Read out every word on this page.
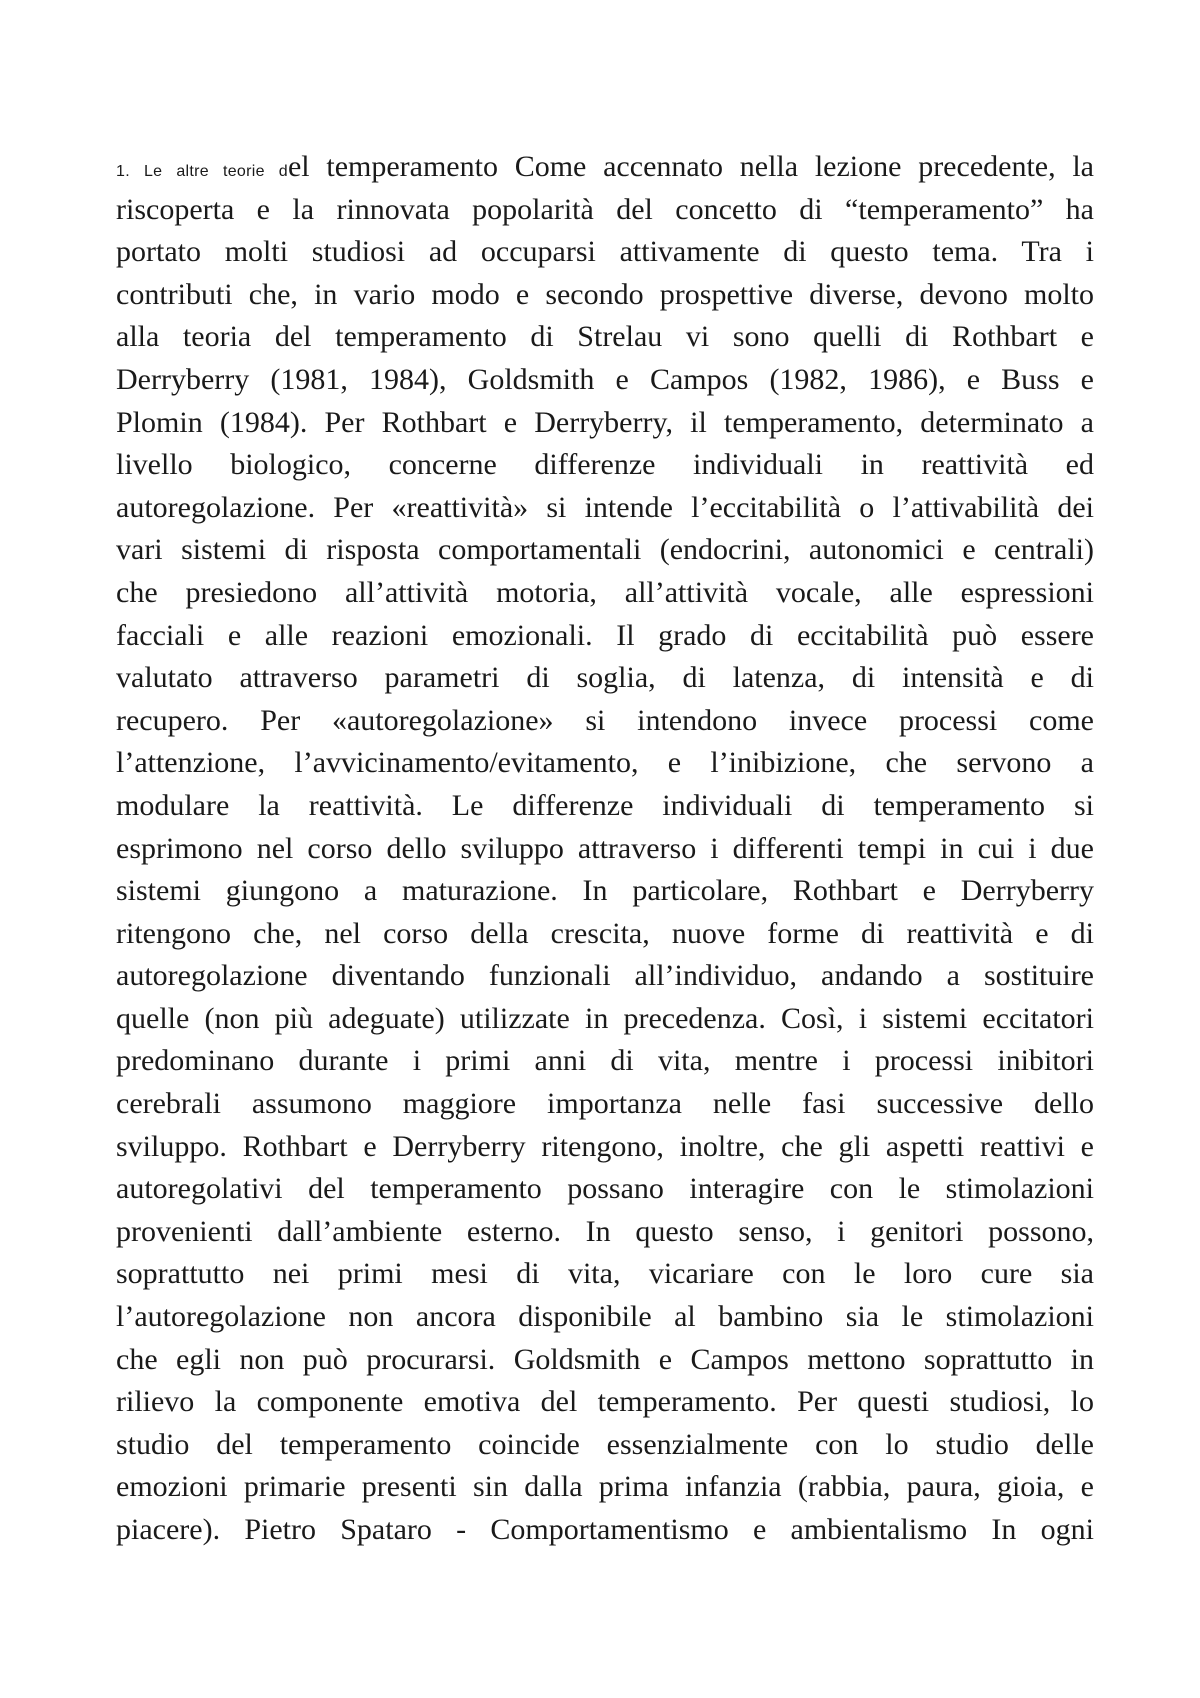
1. Le altre teorie del temperamento Come accennato nella lezione precedente, la
riscoperta e la rinnovata popolarità del concetto di “temperamento” ha
portato molti studiosi ad occuparsi attivamente di questo tema. Tra i
contributi che, in vario modo e secondo prospettive diverse, devono molto
alla teoria del temperamento di Strelau vi sono quelli di Rothbart e
Derryberry (1981, 1984), Goldsmith e Campos (1982, 1986), e Buss e
Plomin (1984). Per Rothbart e Derryberry, il temperamento, determinato a
livello biologico, concerne differenze individuali in reattività ed
autoregolazione. Per «reattività» si intende l’eccitabilità o l’attivabilità dei
vari sistemi di risposta comportamentali (endocrini, autonomici e centrali)
che presiedono all’attività motoria, all’attività vocale, alle espressioni
facciali e alle reazioni emozionali. Il grado di eccitabilità può essere
valutato attraverso parametri di soglia, di latenza, di intensità e di
recupero. Per «autoregolazione» si intendono invece processi come
l’attenzione, l’avvicinamento/evitamento, e l’inibizione, che servono a
modulare la reattività. Le differenze individuali di temperamento si
esprimono nel corso dello sviluppo attraverso i differenti tempi in cui i due
sistemi giungono a maturazione. In particolare, Rothbart e Derryberry
ritengono che, nel corso della crescita, nuove forme di reattività e di
autoregolazione diventando funzionali all’individuo, andando a sostituire
quelle (non più adeguate) utilizzate in precedenza. Così, i sistemi eccitatori
predominano durante i primi anni di vita, mentre i processi inibitori
cerebrali assumono maggiore importanza nelle fasi successive dello
sviluppo. Rothbart e Derryberry ritengono, inoltre, che gli aspetti reattivi e
autoregolativi del temperamento possano interagire con le stimolazioni
provenienti dall’ambiente esterno. In questo senso, i genitori possono,
soprattutto nei primi mesi di vita, vicariare con le loro cure sia
l’autoregolazione non ancora disponibile al bambino sia le stimolazioni
che egli non può procurarsi. Goldsmith e Campos mettono soprattutto in
rilievo la componente emotiva del temperamento. Per questi studiosi, lo
studio del temperamento coincide essenzialmente con lo studio delle
emozioni primarie presenti sin dalla prima infanzia (rabbia, paura, gioia, e
piacere). Pietro Spataro - Comportamentismo e ambientalismo In ogni
